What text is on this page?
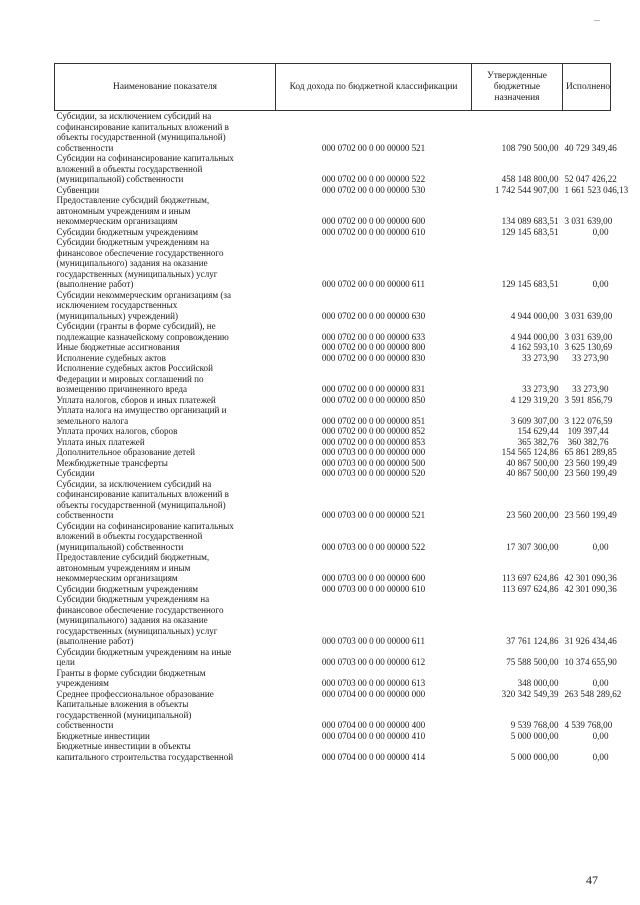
Наименование показателя	Код дохода по бюджетной классификации	Утвержденные бюджетные назначения	Исполнено
Субсидии, за исключением субсидий на
софинансирование капитальных вложений в
объекты государственной (муниципальной)
собственности	000 0702 00 0 00 00000 521	108 790 500,00	40 729 349,46
Субсидии на софинансирование капитальных
вложений в объекты государственной
(муниципальной) собственности	000 0702 00 0 00 00000 522	458 148 800,00	52 047 426,22
Субвенции	000 0702 00 0 00 00000 530	1 742 544 907,00	1 661 523 046,13
Предоставление субсидий бюджетным,
автономным учреждениям и иным
некоммерческим организациям	000 0702 00 0 00 00000 600	134 089 683,51	3 031 639,00
Субсидии бюджетным учреждениям	000 0702 00 0 00 00000 610	129 145 683,51	0,00
Субсидии бюджетным учреждениям на
финансовое обеспечение государственного
(муниципального) задания на оказание
государственных (муниципальных) услуг
(выполнение работ)	000 0702 00 0 00 00000 611	129 145 683,51	0,00
Субсидии некоммерческим организациям (за
исключением государственных
(муниципальных) учреждений)	000 0702 00 0 00 00000 630	4 944 000,00	3 031 639,00
Субсидии (гранты в форме субсидий), не
подлежащие казначейскому сопровождению	000 0702 00 0 00 00000 633	4 944 000,00	3 031 639,00
Иные бюджетные ассигнования	000 0702 00 0 00 00000 800	4 162 593,10	3 625 130,69
Исполнение судебных актов	000 0702 00 0 00 00000 830	33 273,90	33 273,90
Исполнение судебных актов Российской
Федерации и мировых соглашений по
возмещению причиненного вреда	000 0702 00 0 00 00000 831	33 273,90	33 273,90
Уплата налогов, сборов и иных платежей	000 0702 00 0 00 00000 850	4 129 319,20	3 591 856,79
Уплата налога на имущество организаций и
земельного налога	000 0702 00 0 00 00000 851	3 609 307,00	3 122 076,59
Уплата прочих налогов, сборов	000 0702 00 0 00 00000 852	154 629,44	109 397,44
Уплата иных платежей	000 0702 00 0 00 00000 853	365 382,76	360 382,76
Дополнительное образование детей	000 0703 00 0 00 00000 000	154 565 124,86	65 861 289,85
Межбюджетные трансферты	000 0703 00 0 00 00000 500	40 867 500,00	23 560 199,49
Субсидии	000 0703 00 0 00 00000 520	40 867 500,00	23 560 199,49
Субсидии, за исключением субсидий на
софинансирование капитальных вложений в
объекты государственной (муниципальной)
собственности	000 0703 00 0 00 00000 521	23 560 200,00	23 560 199,49
Субсидии на софинансирование капитальных
вложений в объекты государственной
(муниципальной) собственности	000 0703 00 0 00 00000 522	17 307 300,00	0,00
Предоставление субсидий бюджетным,
автономным учреждениям и иным
некоммерческим организациям	000 0703 00 0 00 00000 600	113 697 624,86	42 301 090,36
Субсидии бюджетным учреждениям	000 0703 00 0 00 00000 610	113 697 624,86	42 301 090,36
Субсидии бюджетным учреждениям на
финансовое обеспечение государственного
(муниципального) задания на оказание
государственных (муниципальных) услуг
(выполнение работ)	000 0703 00 0 00 00000 611	37 761 124,86	31 926 434,46
Субсидии бюджетным учреждениям на иные
цели	000 0703 00 0 00 00000 612	75 588 500,00	10 374 655,90
Гранты в форме субсидии бюджетным
учреждениям	000 0703 00 0 00 00000 613	348 000,00	0,00
Среднее профессиональное образование	000 0704 00 0 00 00000 000	320 342 549,39	263 548 289,62
Капитальные вложения в объекты
государственной (муниципальной)
собственности	000 0704 00 0 00 00000 400	9 539 768,00	4 539 768,00
Бюджетные инвестиции	000 0704 00 0 00 00000 410	5 000 000,00	0,00
Бюджетные инвестиции в объекты
капитального строительства государственной	000 0704 00 0 00 00000 414	5 000 000,00	0,00
47
